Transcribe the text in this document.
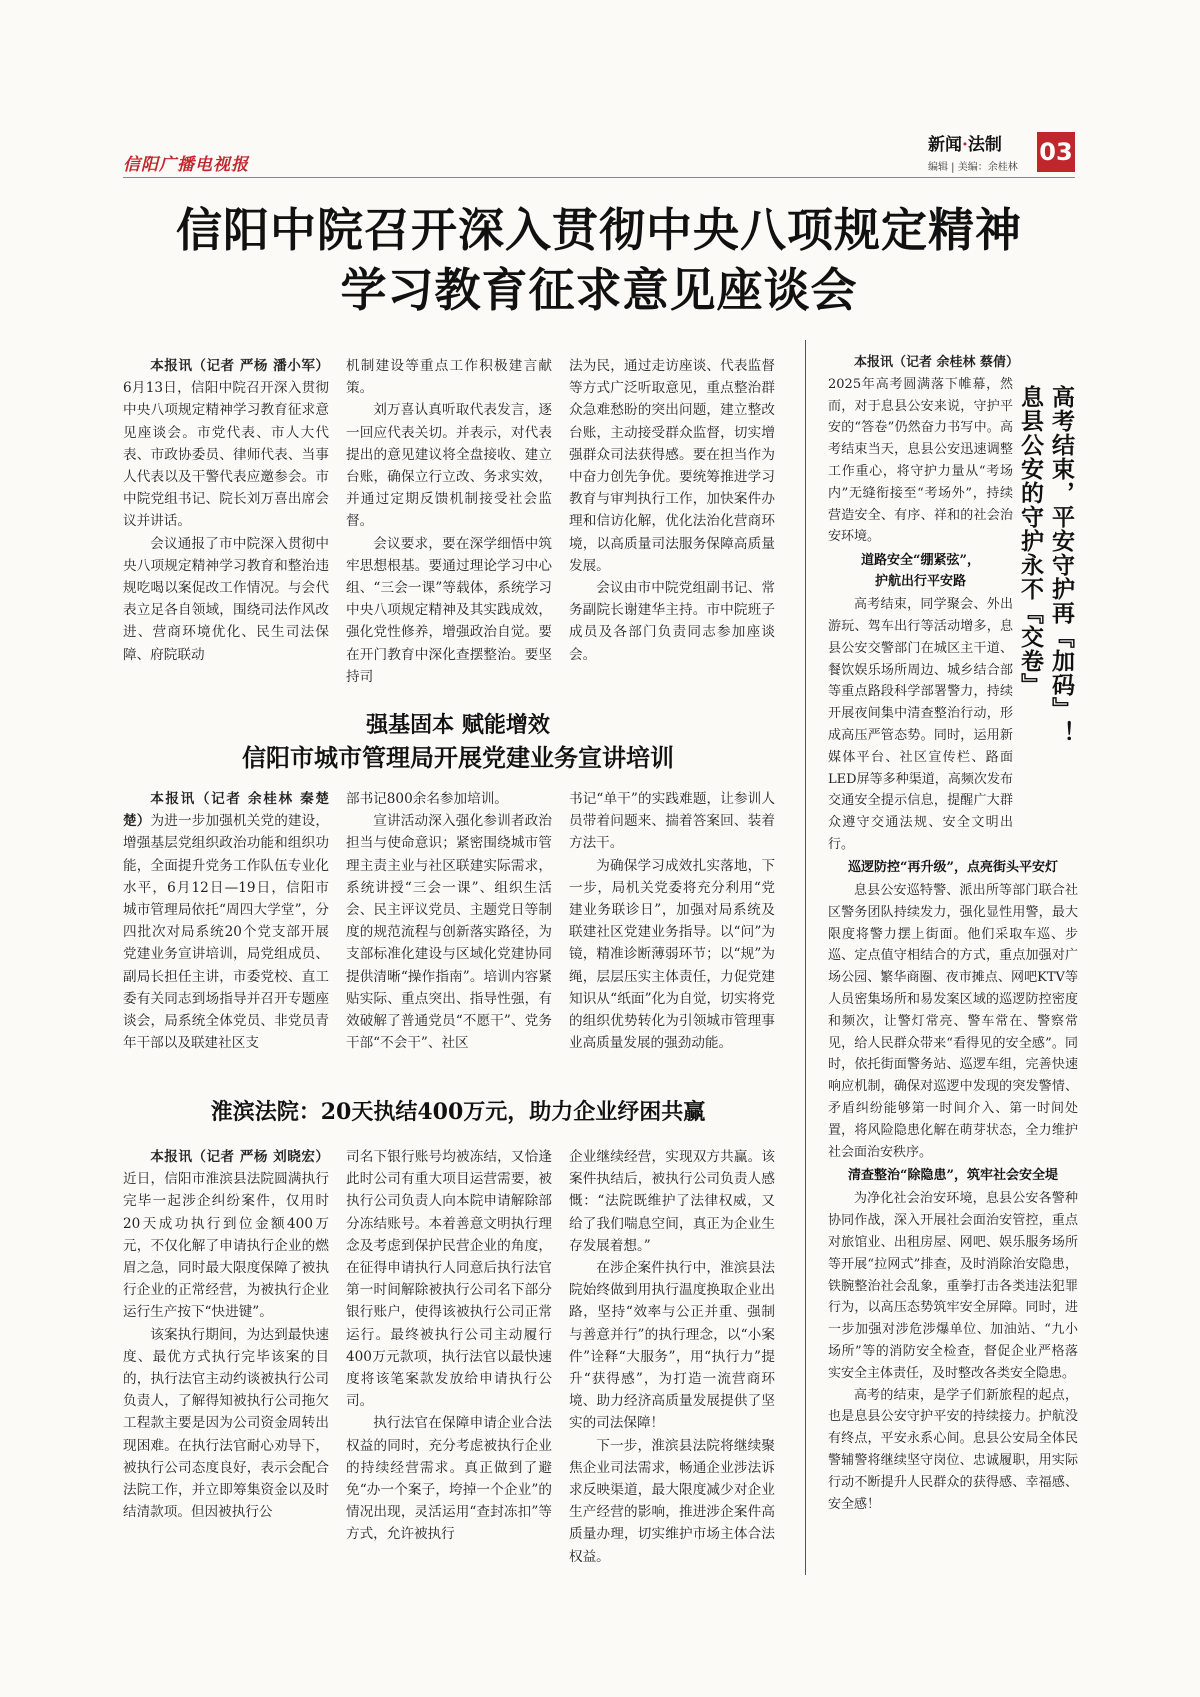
信阳广播电视报
新闻·法制
编辑 | 美编：余桂林
03
信阳中院召开深入贯彻中央八项规定精神
学习教育征求意见座谈会

本报讯（记者 严杨 潘小军）6月13日，信阳中院召开深入贯彻中央八项规定精神学习教育征求意见座谈会。市党代表、市人大代表、市政协委员、律师代表、当事人代表以及干警代表应邀参会。市中院党组书记、院长刘万喜出席会议并讲话。

会议通报了市中院深入贯彻中央八项规定精神学习教育和整治违规吃喝以案促改工作情况。与会代表立足各自领域，围绕司法作风改进、营商环境优化、民生司法保障、府院联动

机制建设等重点工作积极建言献策。

刘万喜认真听取代表发言，逐一回应代表关切。并表示，对代表提出的意见建议将全盘接收、建立台账，确保立行立改、务求实效，并通过定期反馈机制接受社会监督。

会议要求，要在深学细悟中筑牢思想根基。要通过理论学习中心组、“三会一课”等载体，系统学习中央八项规定精神及其实践成效，强化党性修养，增强政治自觉。要在开门教育中深化查摆整治。要坚持司

法为民，通过走访座谈、代表监督等方式广泛听取意见，重点整治群众急难愁盼的突出问题，建立整改台账，主动接受群众监督，切实增强群众司法获得感。要在担当作为中奋力创先争优。要统筹推进学习教育与审判执行工作，加快案件办理和信访化解，优化法治化营商环境，以高质量司法服务保障高质量发展。

会议由市中院党组副书记、常务副院长谢建华主持。市中院班子成员及各部门负责同志参加座谈会。

强基固本 赋能增效
信阳市城市管理局开展党建业务宣讲培训

本报讯（记者 余桂林 秦楚楚）为进一步加强机关党的建设，增强基层党组织政治功能和组织功能，全面提升党务工作队伍专业化水平，6月12日—19日，信阳市城市管理局依托“周四大学堂”，分四批次对局系统20个党支部开展党建业务宣讲培训，局党组成员、副局长担任主讲，市委党校、直工委有关同志到场指导并召开专题座谈会，局系统全体党员、非党员青年干部以及联建社区支

部书记800余名参加培训。

宣讲活动深入强化参训者政治担当与使命意识；紧密围绕城市管理主责主业与社区联建实际需求，系统讲授“三会一课”、组织生活会、民主评议党员、主题党日等制度的规范流程与创新落实路径，为支部标准化建设与区域化党建协同提供清晰“操作指南”。培训内容紧贴实际、重点突出、指导性强，有效破解了普通党员“不愿干”、党务干部“不会干”、社区

书记“单干”的实践难题，让参训人员带着问题来、揣着答案回、装着方法干。

为确保学习成效扎实落地，下一步，局机关党委将充分利用“党建业务联诊日”，加强对局系统及联建社区党建业务指导。以“问”为镜，精准诊断薄弱环节；以“规”为绳，层层压实主体责任，力促党建知识从“纸面”化为自觉，切实将党的组织优势转化为引领城市管理事业高质量发展的强劲动能。

淮滨法院：20天执结400万元，助力企业纾困共赢

本报讯（记者 严杨 刘晓宏）近日，信阳市淮滨县法院圆满执行完毕一起涉企纠纷案件，仅用时20天成功执行到位金额400万元，不仅化解了申请执行企业的燃眉之急，同时最大限度保障了被执行企业的正常经营，为被执行企业运行生产按下“快进键”。

该案执行期间，为达到最快速度、最优方式执行完毕该案的目的，执行法官主动约谈被执行公司负责人，了解得知被执行公司拖欠工程款主要是因为公司资金周转出现困难。在执行法官耐心劝导下，被执行公司态度良好，表示会配合法院工作，并立即筹集资金以及时结清款项。但因被执行公

司名下银行账号均被冻结，又恰逢此时公司有重大项目运营需要，被执行公司负责人向本院申请解除部分冻结账号。本着善意文明执行理念及考虑到保护民营企业的角度，在征得申请执行人同意后执行法官第一时间解除被执行公司名下部分银行账户，使得该被执行公司正常运行。最终被执行公司主动履行400万元款项，执行法官以最快速度将该笔案款发放给申请执行公司。

执行法官在保障申请企业合法权益的同时，充分考虑被执行企业的持续经营需求。真正做到了避免“办一个案子，垮掉一个企业”的情况出现，灵活运用“查封冻扣”等方式，允许被执行

企业继续经营，实现双方共赢。该案件执结后，被执行公司负责人感慨：“法院既维护了法律权威，又给了我们喘息空间，真正为企业生存发展着想。”

在涉企案件执行中，淮滨县法院始终做到用执行温度换取企业出路，坚持“效率与公正并重、强制与善意并行”的执行理念，以“小案件”诠释“大服务”，用“执行力”提升“获得感”，为打造一流营商环境、助力经济高质量发展提供了坚实的司法保障！

下一步，淮滨县法院将继续聚焦企业司法需求，畅通企业涉法诉求反映渠道，最大限度减少对企业生产经营的影响，推进涉企案件高质量办理，切实维护市场主体合法权益。

高考结束，平安守护再『加码』！
息县公安的守护永不『交卷』

本报讯（记者 余桂林 蔡倩）2025年高考圆满落下帷幕，然而，对于息县公安来说，守护平安的“答卷”仍然奋力书写中。高考结束当天，息县公安迅速调整工作重心，将守护力量从“考场内”无缝衔接至“考场外”，持续营造安全、有序、祥和的社会治安环境。

道路安全“绷紧弦”，
护航出行平安路

高考结束，同学聚会、外出游玩、驾车出行等活动增多，息县公安交警部门在城区主干道、餐饮娱乐场所周边、城乡结合部等重点路段科学部署警力，持续开展夜间集中清查整治行动，形成高压严管态势。同时，运用新媒体平台、社区宣传栏、路面LED屏等多种渠道，高频次发布交通安全提示信息，提醒广大群众遵守交通法规、安全文明出行。

巡逻防控“再升级”，点亮街头平安灯

息县公安巡特警、派出所等部门联合社区警务团队持续发力，强化显性用警，最大限度将警力摆上街面。他们采取车巡、步巡、定点值守相结合的方式，重点加强对广场公园、繁华商圈、夜市摊点、网吧KTV等人员密集场所和易发案区域的巡逻防控密度和频次，让警灯常亮、警车常在、警察常见，给人民群众带来“看得见的安全感”。同时，依托街面警务站、巡逻车组，完善快速响应机制，确保对巡逻中发现的突发警情、矛盾纠纷能够第一时间介入、第一时间处置，将风险隐患化解在萌芽状态，全力维护社会面治安秩序。

清查整治“除隐患”，筑牢社会安全堤

为净化社会治安环境，息县公安各警种协同作战，深入开展社会面治安管控，重点对旅馆业、出租房屋、网吧、娱乐服务场所等开展“拉网式”排查，及时消除治安隐患，铁腕整治社会乱象，重拳打击各类违法犯罪行为，以高压态势筑牢安全屏障。同时，进一步加强对涉危涉爆单位、加油站、“九小场所”等的消防安全检查，督促企业严格落实安全主体责任，及时整改各类安全隐患。

高考的结束，是学子们新旅程的起点，也是息县公安守护平安的持续接力。护航没有终点，平安永系心间。息县公安局全体民警辅警将继续坚守岗位、忠诚履职，用实际行动不断提升人民群众的获得感、幸福感、安全感！
